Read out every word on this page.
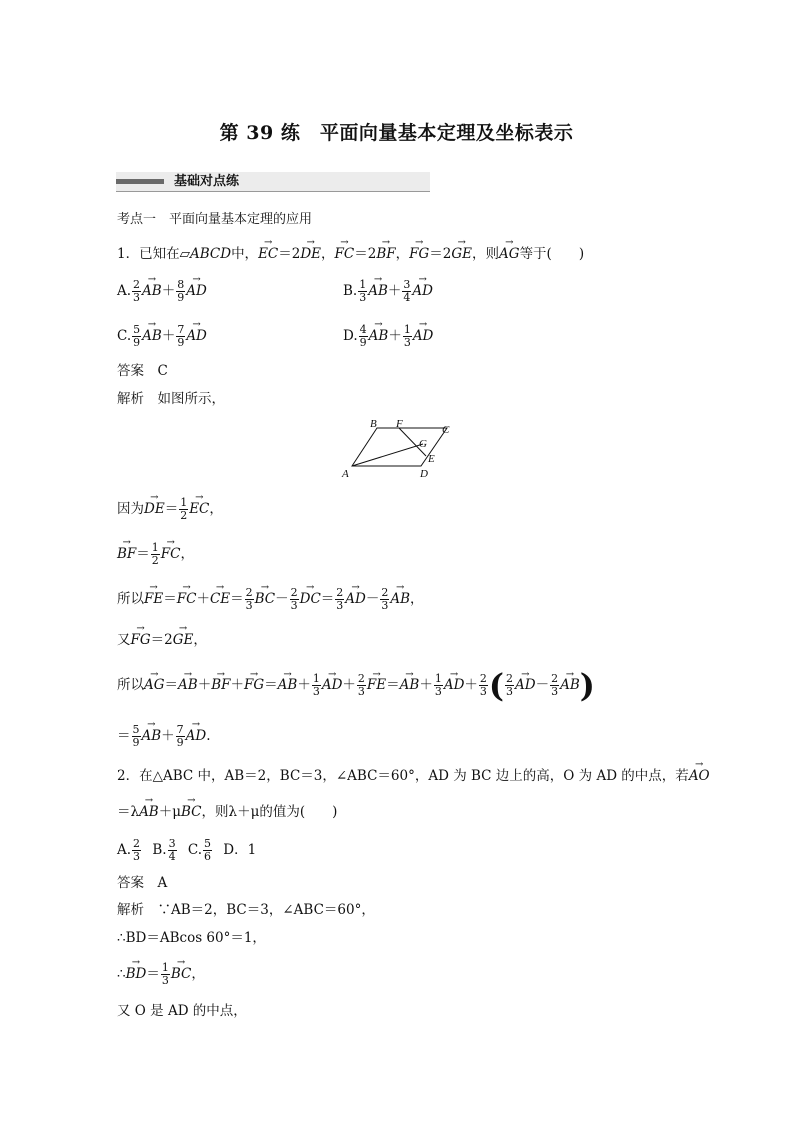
第 39 练　平面向量基本定理及坐标表示
基础对点练
考点一　平面向量基本定理的应用
1．已知在▱ABCD中，→ EC＝2→ DE，→ FC＝2→ BF，→ FG＝2→ GE，则→ AG等于(　　)
A. $\frac{2}{3}$
→ $AB+ \frac{8}{9}$
→ AD	B. $\frac{1}{3}$
→ $AB+ \frac{3}{4}$
→ AD
C. $\frac{5}{9}$
→ $AB+ \frac{7}{9}$
→ AD	D. $\frac{4}{9}$
→ $AB+ \frac{1}{3}$
→ AD
答案　 C
解析　 如图所示，
A
B	C
D
E
F
G
因为→ $DE= \frac{1}{2}$
→ EC，
→ $BF= \frac{1}{2}$
→ FC，
所以→ $FE=\to FC+\to CE= \frac{2}{3}$
→ $BC- \frac{2}{3}$
→ $DC= \frac{2}{3}$
→ $AD- \frac{2}{3}$
→ AB，
又→ FG＝2→ GE，
所以→ $AG=\to AB+\to BF+\to FG=\to AB+ \frac{1}{3}$
→ $AD+ \frac{2}{3}$
→ $FE=\to AB+ \frac{1}{3}$
→ $AD+ \frac{2}{3}$ ( $\frac{2}{3}$
→ $AD- \frac{2}{3}$
→ AB)
＝ $\frac{5}{9}$
→ $AB+ \frac{7}{9}$
→ AD.
2．在△ABC 中，AB＝2，BC＝3，∠ABC＝60°，AD 为 BC 边上的高，O 为 AD 的中点，若→ AO
＝λ→ AB＋μ→ BC，则λ＋μ的值为(　　)
A. $\frac{2}{3} B$. $\frac{3}{4} C$. $\frac{5}{6}$ D．1
答案　 A
解析　 ∵AB＝2，BC＝3，∠ABC＝60°，
∴BD＝ABcos 60°＝1，
∴→ $BD= \frac{1}{3}$
→ BC，
又 O 是 AD 的中点，
